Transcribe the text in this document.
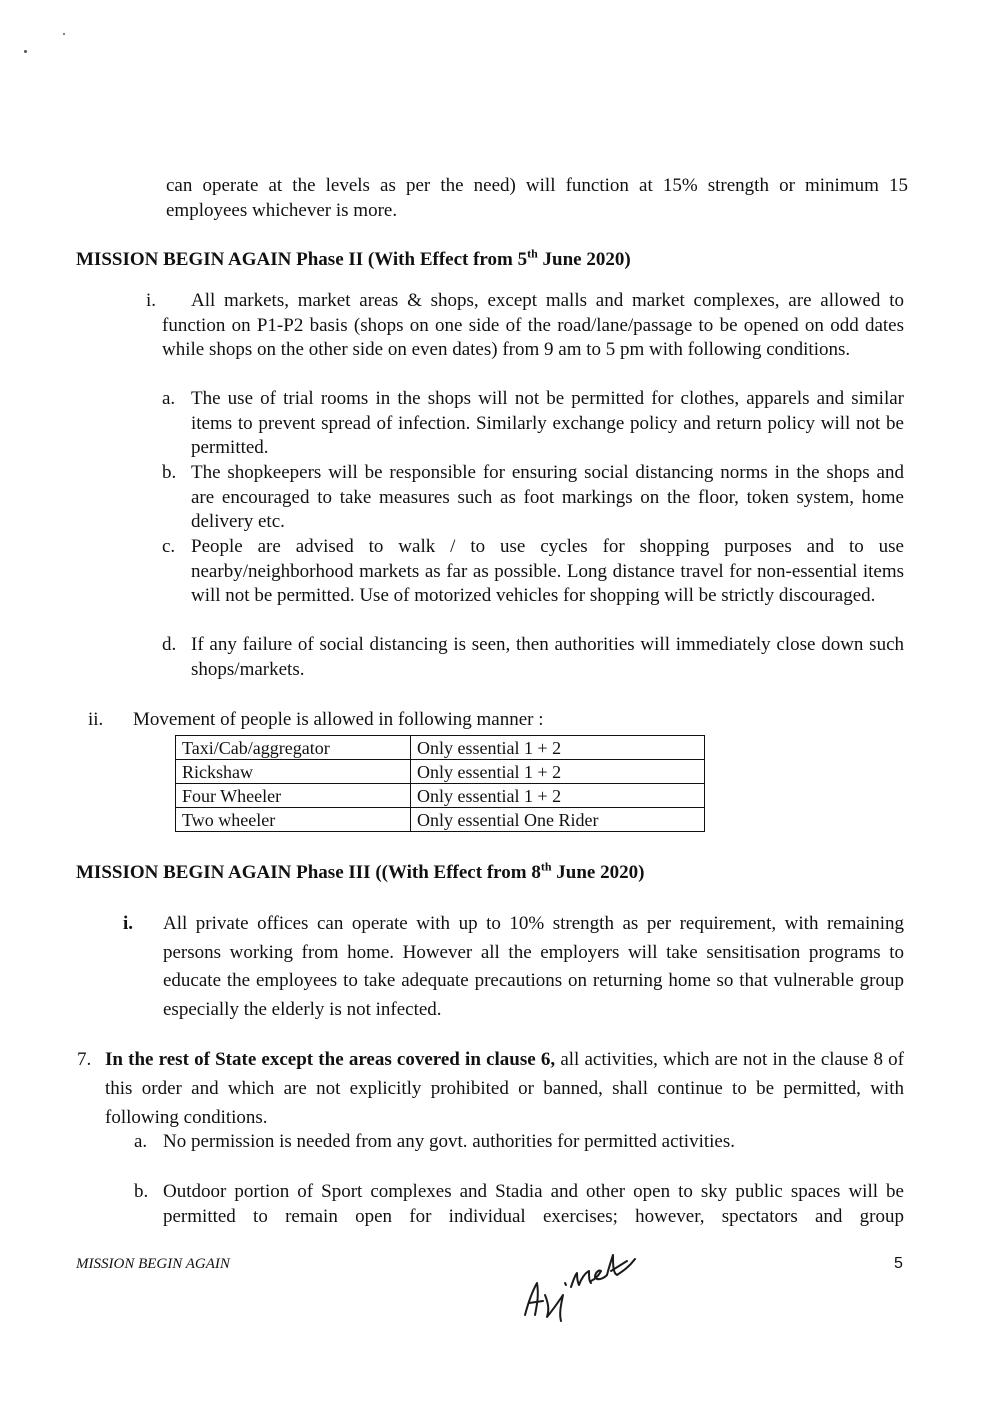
can operate at the levels as per the need) will function at 15% strength or minimum 15 employees whichever is more.
MISSION BEGIN AGAIN Phase II (With Effect from 5th June 2020)
i.	All markets, market areas & shops, except malls and market complexes, are allowed to function on P1-P2 basis (shops on one side of the road/lane/passage to be opened on odd dates while shops on the other side on even dates) from 9 am to 5 pm with following conditions.
a. The use of trial rooms in the shops will not be permitted for clothes, apparels and similar items to prevent spread of infection. Similarly exchange policy and return policy will not be permitted.
b. The shopkeepers will be responsible for ensuring social distancing norms in the shops and are encouraged to take measures such as foot markings on the floor, token system, home delivery etc.
c. People are advised to walk / to use cycles for shopping purposes and to use nearby/neighborhood markets as far as possible. Long distance travel for non-essential items will not be permitted. Use of motorized vehicles for shopping will be strictly discouraged.
d. If any failure of social distancing is seen, then authorities will immediately close down such shops/markets.
ii. Movement of people is allowed in following manner :
Taxi/Cab/aggregator	Only essential 1 + 2
Rickshaw	Only essential 1 + 2
Four Wheeler	Only essential 1 + 2
Two wheeler	Only essential One Rider
MISSION BEGIN AGAIN Phase III ((With Effect from 8th June 2020)
i. All private offices can operate with up to 10% strength as per requirement, with remaining persons working from home. However all the employers will take sensitisation programs to educate the employees to take adequate precautions on returning home so that vulnerable group especially the elderly is not infected.
7. In the rest of State except the areas covered in clause 6, all activities, which are not in the clause 8 of this order and which are not explicitly prohibited or banned, shall continue to be permitted, with following conditions.
a. No permission is needed from any govt. authorities for permitted activities.
b. Outdoor portion of Sport complexes and Stadia and other open to sky public spaces will be permitted to remain open for individual exercises; however, spectators and group
MISSION BEGIN AGAIN	5
